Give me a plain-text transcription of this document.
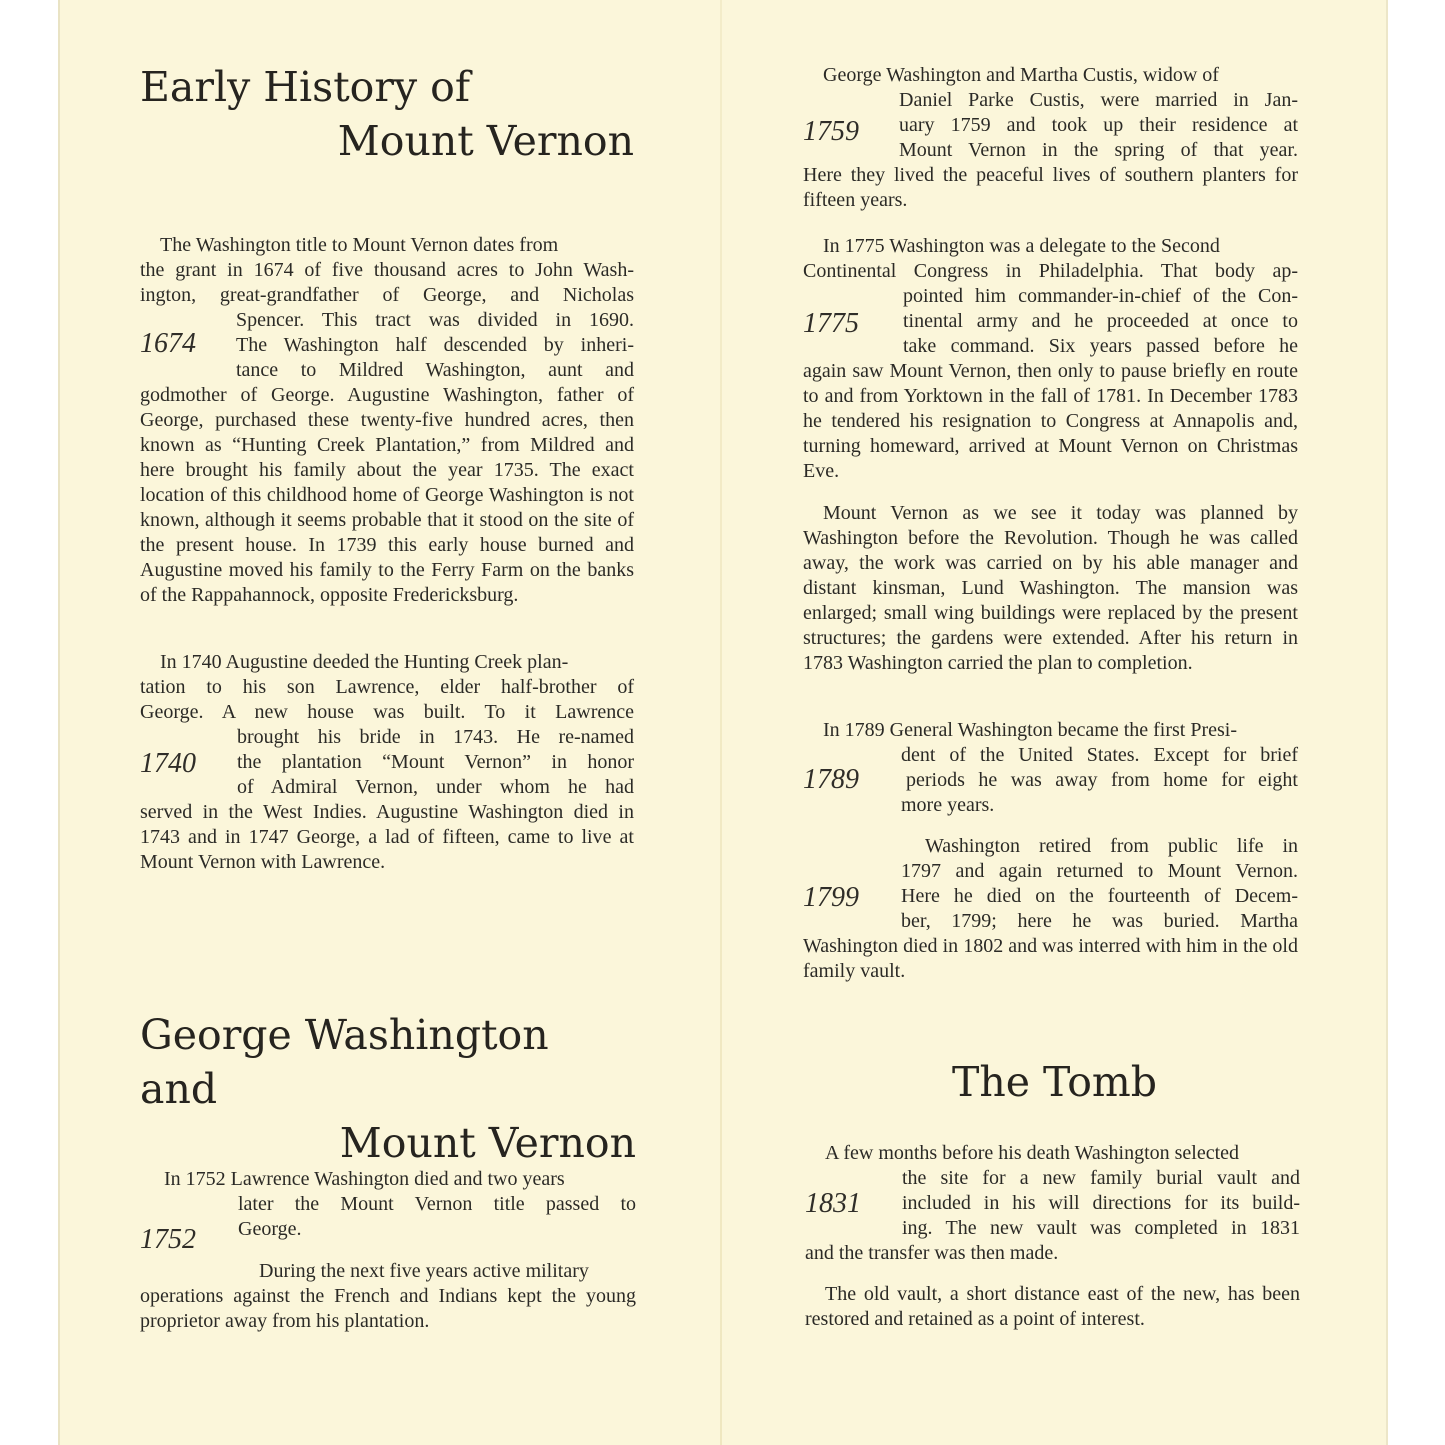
Early History of
Mount Vernon
The Washington title to Mount Vernon dates from
the grant in 1674 of five thousand acres to John Wash-
ington, great-grandfather of George, and Nicholas
Spencer. This tract was divided in 1690.
The Washington half descended by inheri-
tance to Mildred Washington, aunt and
godmother of George. Augustine Washington, father of George, purchased these twenty-five hundred acres, then known as “Hunting Creek Plantation,” from Mildred and here brought his family about the year 1735. The exact location of this childhood home of George Washington is not known, although it seems probable that it stood on the site of the present house. In 1739 this early house burned and Augustine moved his family to the Ferry Farm on the banks of the Rappahannock, opposite Fredericksburg.
1674
In 1740 Augustine deeded the Hunting Creek plan-
tation to his son Lawrence, elder half-brother of
George. A new house was built. To it Lawrence
brought his bride in 1743. He re-named
the plantation “Mount Vernon” in honor
of Admiral Vernon, under whom he had
served in the West Indies. Augustine Washington died in 1743 and in 1747 George, a lad of fifteen, came to live at Mount Vernon with Lawrence.
1740
George Washington and
Mount Vernon
In 1752 Lawrence Washington died and two years
later the Mount Vernon title passed to
George.
1752
During the next five years active military
operations against the French and Indians kept the young proprietor away from his plantation.
George Washington and Martha Custis, widow of
Daniel Parke Custis, were married in Jan-
uary 1759 and took up their residence at
Mount Vernon in the spring of that year.
Here they lived the peaceful lives of southern planters for fifteen years.
1759
In 1775 Washington was a delegate to the Second
Continental Congress in Philadelphia. That body ap-
pointed him commander-in-chief of the Con-
tinental army and he proceeded at once to
take command. Six years passed before he
again saw Mount Vernon, then only to pause briefly en route to and from Yorktown in the fall of 1781. In December 1783 he tendered his resignation to Congress at Annapolis and, turning homeward, arrived at Mount Vernon on Christmas Eve.
1775
Mount Vernon as we see it today was planned by Washington before the Revolution. Though he was called away, the work was carried on by his able manager and distant kinsman, Lund Washington. The mansion was enlarged; small wing buildings were replaced by the present structures; the gardens were extended. After his return in 1783 Washington carried the plan to completion.
In 1789 General Washington became the first Presi-
dent of the United States. Except for brief
periods he was away from home for eight
more years.
1789
Washington retired from public life in
1797 and again returned to Mount Vernon.
Here he died on the fourteenth of Decem-
ber, 1799; here he was buried. Martha
Washington died in 1802 and was interred with him in the old family vault.
1799
The Tomb
A few months before his death Washington selected
the site for a new family burial vault and
included in his will directions for its build-
ing. The new vault was completed in 1831
and the transfer was then made.
1831
The old vault, a short distance east of the new, has been restored and retained as a point of interest.
